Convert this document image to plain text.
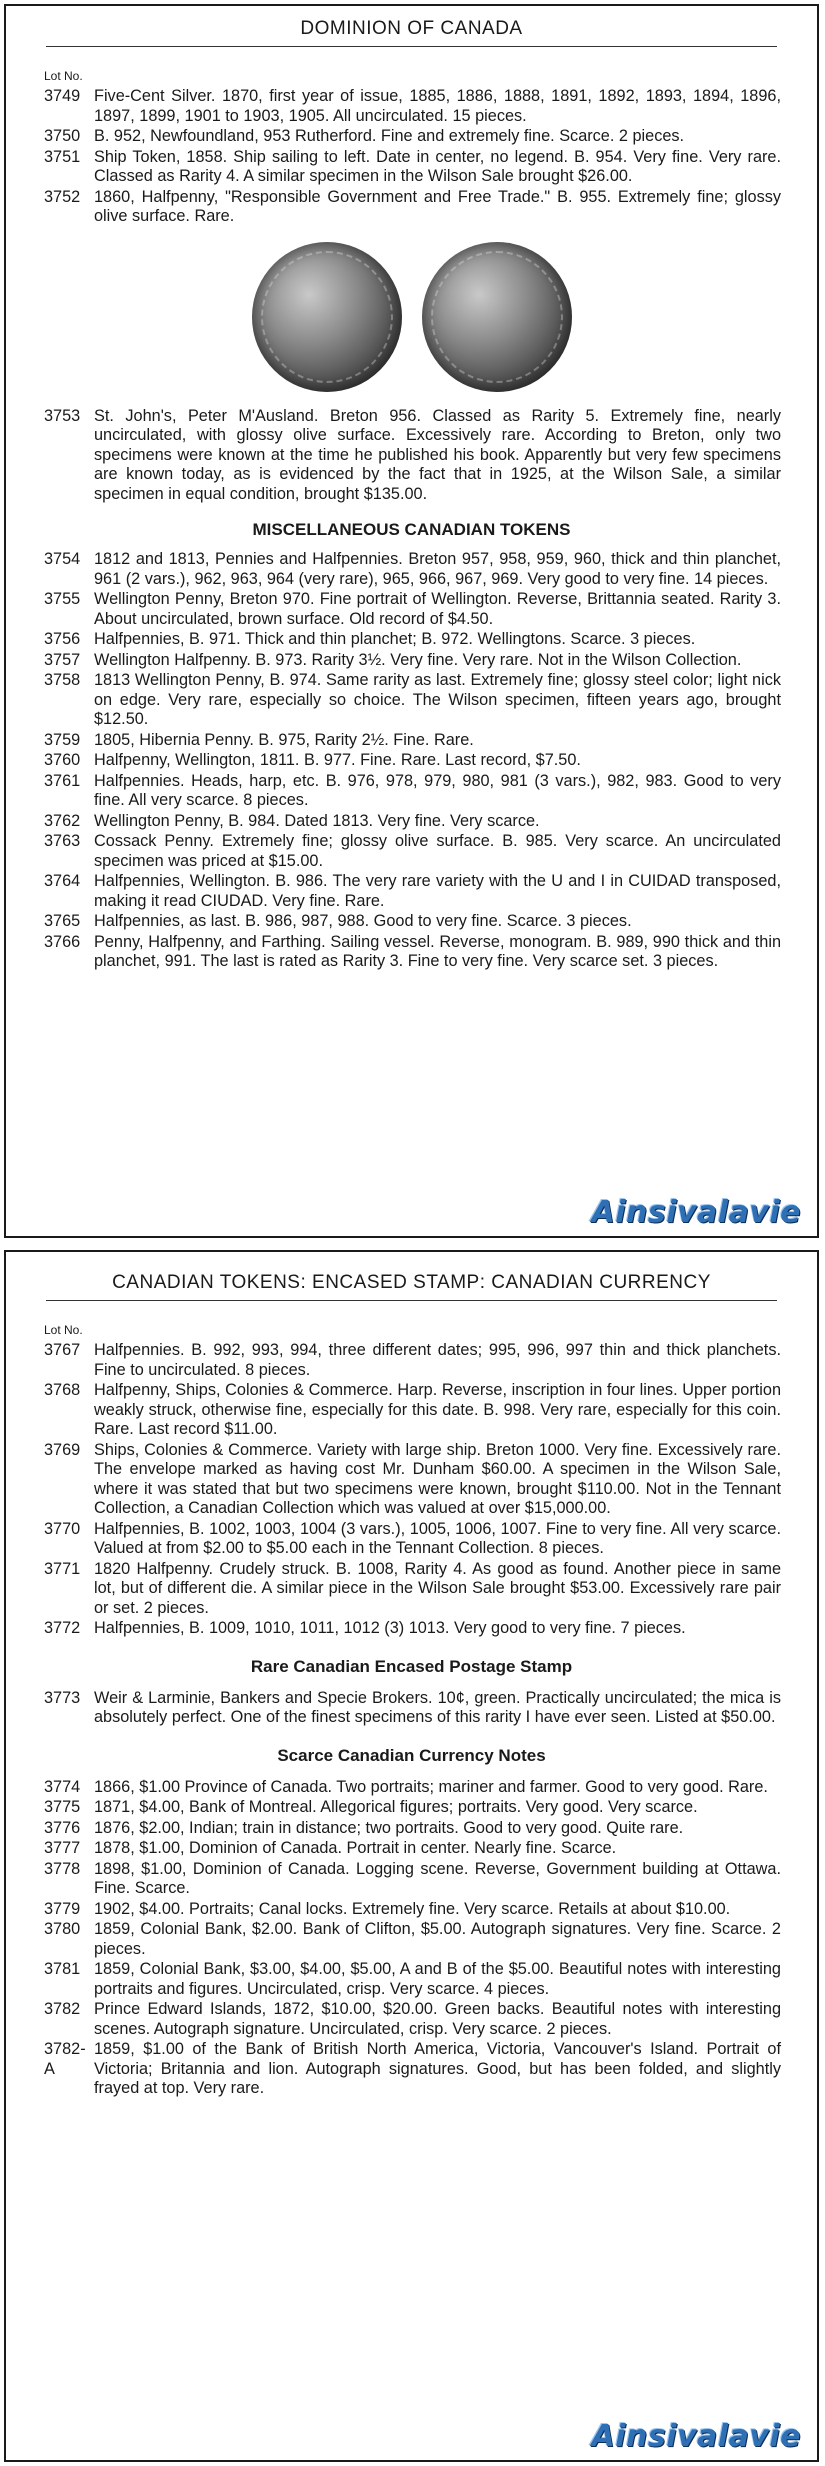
DOMINION OF CANADA
Lot No.
3749 Five-Cent Silver. 1870, first year of issue, 1885, 1886, 1888, 1891, 1892, 1893, 1894, 1896, 1897, 1899, 1901 to 1903, 1905. All uncirculated. 15 pieces.
3750 B. 952, Newfoundland, 953 Rutherford. Fine and extremely fine. Scarce. 2 pieces.
3751 Ship Token, 1858. Ship sailing to left. Date in center, no legend. B. 954. Very fine. Very rare. Classed as Rarity 4. A similar specimen in the Wilson Sale brought $26.00.
3752 1860, Halfpenny, "Responsible Government and Free Trade." B. 955. Extremely fine; glossy olive surface. Rare.
3753 St. John's, Peter M'Ausland. Breton 956. Classed as Rarity 5. Extremely fine, nearly uncirculated, with glossy olive surface. Excessively rare. According to Breton, only two specimens were known at the time he published his book. Apparently but very few specimens are known today, as is evidenced by the fact that in 1925, at the Wilson Sale, a similar specimen in equal condition, brought $135.00.
MISCELLANEOUS CANADIAN TOKENS
3754 1812 and 1813, Pennies and Halfpennies. Breton 957, 958, 959, 960, thick and thin planchet, 961 (2 vars.), 962, 963, 964 (very rare), 965, 966, 967, 969. Very good to very fine. 14 pieces.
3755 Wellington Penny, Breton 970. Fine portrait of Wellington. Reverse, Brittannia seated. Rarity 3. About uncirculated, brown surface. Old record of $4.50.
3756 Halfpennies, B. 971. Thick and thin planchet; B. 972. Wellingtons. Scarce. 3 pieces.
3757 Wellington Halfpenny. B. 973. Rarity 3½. Very fine. Very rare. Not in the Wilson Collection.
3758 1813 Wellington Penny, B. 974. Same rarity as last. Extremely fine; glossy steel color; light nick on edge. Very rare, especially so choice. The Wilson specimen, fifteen years ago, brought $12.50.
3759 1805, Hibernia Penny. B. 975, Rarity 2½. Fine. Rare.
3760 Halfpenny, Wellington, 1811. B. 977. Fine. Rare. Last record, $7.50.
3761 Halfpennies. Heads, harp, etc. B. 976, 978, 979, 980, 981 (3 vars.), 982, 983. Good to very fine. All very scarce. 8 pieces.
3762 Wellington Penny, B. 984. Dated 1813. Very fine. Very scarce.
3763 Cossack Penny. Extremely fine; glossy olive surface. B. 985. Very scarce. An uncirculated specimen was priced at $15.00.
3764 Halfpennies, Wellington. B. 986. The very rare variety with the U and I in CUIDAD transposed, making it read CIUDAD. Very fine. Rare.
3765 Halfpennies, as last. B. 986, 987, 988. Good to very fine. Scarce. 3 pieces.
3766 Penny, Halfpenny, and Farthing. Sailing vessel. Reverse, monogram. B. 989, 990 thick and thin planchet, 991. The last is rated as Rarity 3. Fine to very fine. Very scarce set. 3 pieces.
Ainsivalavie
CANADIAN TOKENS: ENCASED STAMP: CANADIAN CURRENCY
Lot No.
3767 Halfpennies. B. 992, 993, 994, three different dates; 995, 996, 997 thin and thick planchets. Fine to uncirculated. 8 pieces.
3768 Halfpenny, Ships, Colonies & Commerce. Harp. Reverse, inscription in four lines. Upper portion weakly struck, otherwise fine, especially for this date. B. 998. Very rare, especially for this coin. Rare. Last record $11.00.
3769 Ships, Colonies & Commerce. Variety with large ship. Breton 1000. Very fine. Excessively rare. The envelope marked as having cost Mr. Dunham $60.00. A specimen in the Wilson Sale, where it was stated that but two specimens were known, brought $110.00. Not in the Tennant Collection, a Canadian Collection which was valued at over $15,000.00.
3770 Halfpennies, B. 1002, 1003, 1004 (3 vars.), 1005, 1006, 1007. Fine to very fine. All very scarce. Valued at from $2.00 to $5.00 each in the Tennant Collection. 8 pieces.
3771 1820 Halfpenny. Crudely struck. B. 1008, Rarity 4. As good as found. Another piece in same lot, but of different die. A similar piece in the Wilson Sale brought $53.00. Excessively rare pair or set. 2 pieces.
3772 Halfpennies, B. 1009, 1010, 1011, 1012 (3) 1013. Very good to very fine. 7 pieces.
Rare Canadian Encased Postage Stamp
3773 Weir & Larminie, Bankers and Specie Brokers. 10¢, green. Practically uncirculated; the mica is absolutely perfect. One of the finest specimens of this rarity I have ever seen. Listed at $50.00.
Scarce Canadian Currency Notes
3774 1866, $1.00 Province of Canada. Two portraits; mariner and farmer. Good to very good. Rare.
3775 1871, $4.00, Bank of Montreal. Allegorical figures; portraits. Very good. Very scarce.
3776 1876, $2.00, Indian; train in distance; two portraits. Good to very good. Quite rare.
3777 1878, $1.00, Dominion of Canada. Portrait in center. Nearly fine. Scarce.
3778 1898, $1.00, Dominion of Canada. Logging scene. Reverse, Government building at Ottawa. Fine. Scarce.
3779 1902, $4.00. Portraits; Canal locks. Extremely fine. Very scarce. Retails at about $10.00.
3780 1859, Colonial Bank, $2.00. Bank of Clifton, $5.00. Autograph signatures. Very fine. Scarce. 2 pieces.
3781 1859, Colonial Bank, $3.00, $4.00, $5.00, A and B of the $5.00. Beautiful notes with interesting portraits and figures. Uncirculated, crisp. Very scarce. 4 pieces.
3782 Prince Edward Islands, 1872, $10.00, $20.00. Green backs. Beautiful notes with interesting scenes. Autograph signature. Uncirculated, crisp. Very scarce. 2 pieces.
3782-A
1859, $1.00 of the Bank of British North America, Victoria, Vancouver's Island. Portrait of Victoria; Britannia and lion. Autograph signatures. Good, but has been folded, and slightly frayed at top. Very rare.
Ainsivalavie
